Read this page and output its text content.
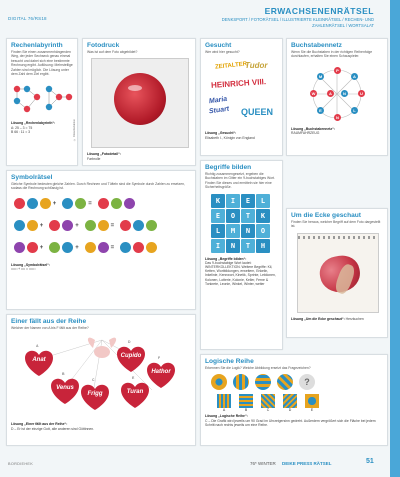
DIGITAL 76/RS18
ERWACHSENENRÄTSEL
DENKSPORT / FOTORÄTSEL / ILLUSTRIERTE KLEINRÄTSEL / RECHEN- UND ZAHLENRÄTSEL / WORTSALAT
Rechenlabyrinth
Finden Sie einen zusammenhängenden Weg, der jeder Sechseck genau einmal besucht und dabei sich eine bestimmte Rechnung ergibt. Auflösung: Mehrstellige Zahlen sind möglich. Die Lösung unter dem Zahl dem Ziel ergibt.
Lösung „Rechenlabyrinth“:
A: 25 – 3 = 75
B 66 : 11 = 3	© Rätselredaktion
Fotodruck
Was ist auf dem Foto abgebildet?
Lösung „Fotodetail“:
Farbrolle
Gesucht
Wer wird hier gesucht?
ZEITALTER
Tudor
HEINRICH VIII.
Maria
Stuart QUEEN
Lösung „Gesucht“:
Elisabeth I., Königin von England
Buchstabennetz
Wenn Sie die Buchstaben in der richtigen Reihenfolge durchlaufen, erhalten Sie einen Schauspieler.
P
A
U
L
N
E
W
M
A	N
Lösung „Buchstabennetz“:
RAUMFAHRZEUG
Symbolrätsel
Gleiche Symbole bedeuten gleiche Zahlen. Durch Rechnen und Tüfteln sind die Symbole durch Zahlen zu ersetzen, sodass die Rechnung schlüssig ist.
+	=
+	+	=
+	+	=
Lösung „Symbolrätsel“:
□□□ + □□ = □□□
Begriffe bilden
Richtig zusammengesetzt, ergeben die Buchstaben im Gitter ein 9-buchstabiges Wort. Finden Sie dieses und ermitteln sie hier eine Sicherheitsgröße.
K	I	E	L
E	O	T	K
L	M	N	O
I	N	T	H
Lösung „Begriffe bilden“:
Das 9-buchstabige Wort lautet: WINTERKOLLEKTION. Weitere Begriffe: Kil, Ketten, Wortbildungen, erweitern, Enkelin, Inkelinie, Kennwort, Kinetik, Sprinte, Lektionen, Kolonen, Lotterie, Kolonie, Keller, Ferne & Tonkrete, Leonie, Winkel, Winter, weiter
Um die Ecke geschaut
Finden Sie heraus, welcher Begriff auf dem Foto dargestellt ist.
Lösung „Um die Ecke geschaut“: Herzkuchen
Einer fällt aus der Reihe
Welcher der Namen von A bis F fällt aus der Reihe?
A
Anat
B
Venus
C
Frigg
D
Cupido
E
Turan
F
Hathor
Lösung „Einer fällt aus der Reihe“:
D – Er ist der einzige Gott, alle anderen sind Göttinnen.
Logische Reihe
Erkennen Sie die Logik? Welche Abbildung ersetzt das Fragezeichen?
?
A	B	C	D	E
Lösung „Logische Reihe“:
C – Die Grafik wird jeweils um 90 Grad im Uhrzeigersinn gedreht. Außerdem vergrößert sich die Fläche bei jedem Schritt nach rechts jeweils um eine Reihe.
BORDIEHEK	76* WINTER DEIKE PRESS RÄTSEL	51
